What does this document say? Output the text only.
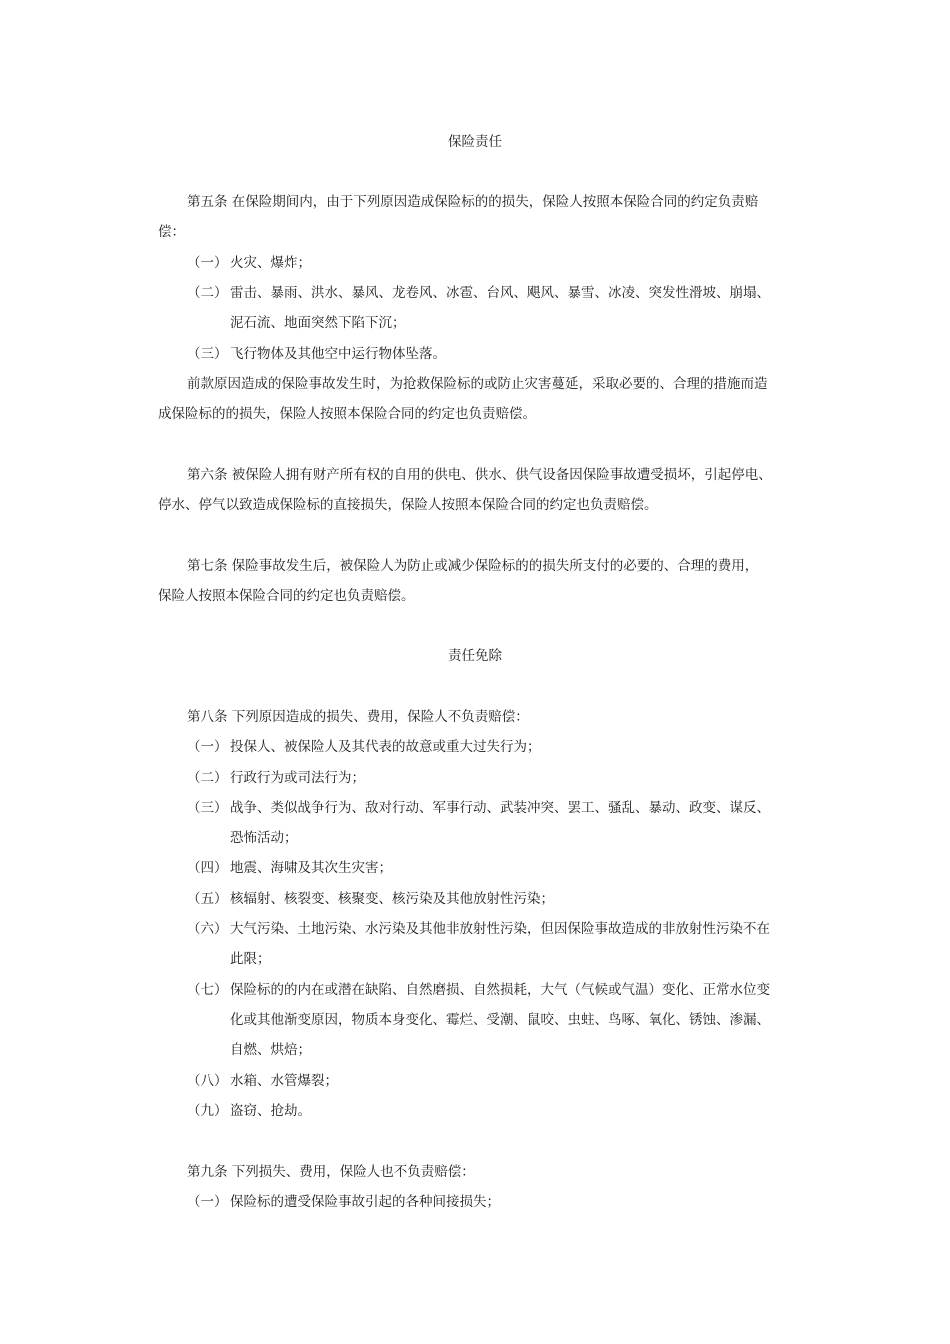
保险责任
第五条 在保险期间内，由于下列原因造成保险标的的损失，保险人按照本保险合同的约定负责赔
偿：
（一） 火灾、爆炸；
（二） 雷击、暴雨、洪水、暴风、龙卷风、冰雹、台风、飓风、暴雪、冰凌、突发性滑坡、崩塌、
泥石流、地面突然下陷下沉；
（三） 飞行物体及其他空中运行物体坠落。
前款原因造成的保险事故发生时，为抢救保险标的或防止灾害蔓延，采取必要的、合理的措施而造
成保险标的的损失，保险人按照本保险合同的约定也负责赔偿。
第六条 被保险人拥有财产所有权的自用的供电、供水、供气设备因保险事故遭受损坏，引起停电、
停水、停气以致造成保险标的直接损失，保险人按照本保险合同的约定也负责赔偿。
第七条 保险事故发生后，被保险人为防止或减少保险标的的损失所支付的必要的、合理的费用，
保险人按照本保险合同的约定也负责赔偿。
责任免除
第八条 下列原因造成的损失、费用，保险人不负责赔偿：
（一） 投保人、被保险人及其代表的故意或重大过失行为；
（二） 行政行为或司法行为；
（三） 战争、类似战争行为、敌对行动、军事行动、武装冲突、罢工、骚乱、暴动、政变、谋反、
恐怖活动；
（四） 地震、海啸及其次生灾害；
（五） 核辐射、核裂变、核聚变、核污染及其他放射性污染；
（六） 大气污染、土地污染、水污染及其他非放射性污染，但因保险事故造成的非放射性污染不在
此限；
（七） 保险标的的内在或潜在缺陷、自然磨损、自然损耗，大气（气候或气温）变化、正常水位变
化或其他渐变原因，物质本身变化、霉烂、受潮、鼠咬、虫蛀、鸟啄、氧化、锈蚀、渗漏、
自燃、烘焙；
（八） 水箱、水管爆裂；
（九） 盗窃、抢劫。
第九条 下列损失、费用，保险人也不负责赔偿：
（一） 保险标的遭受保险事故引起的各种间接损失；
